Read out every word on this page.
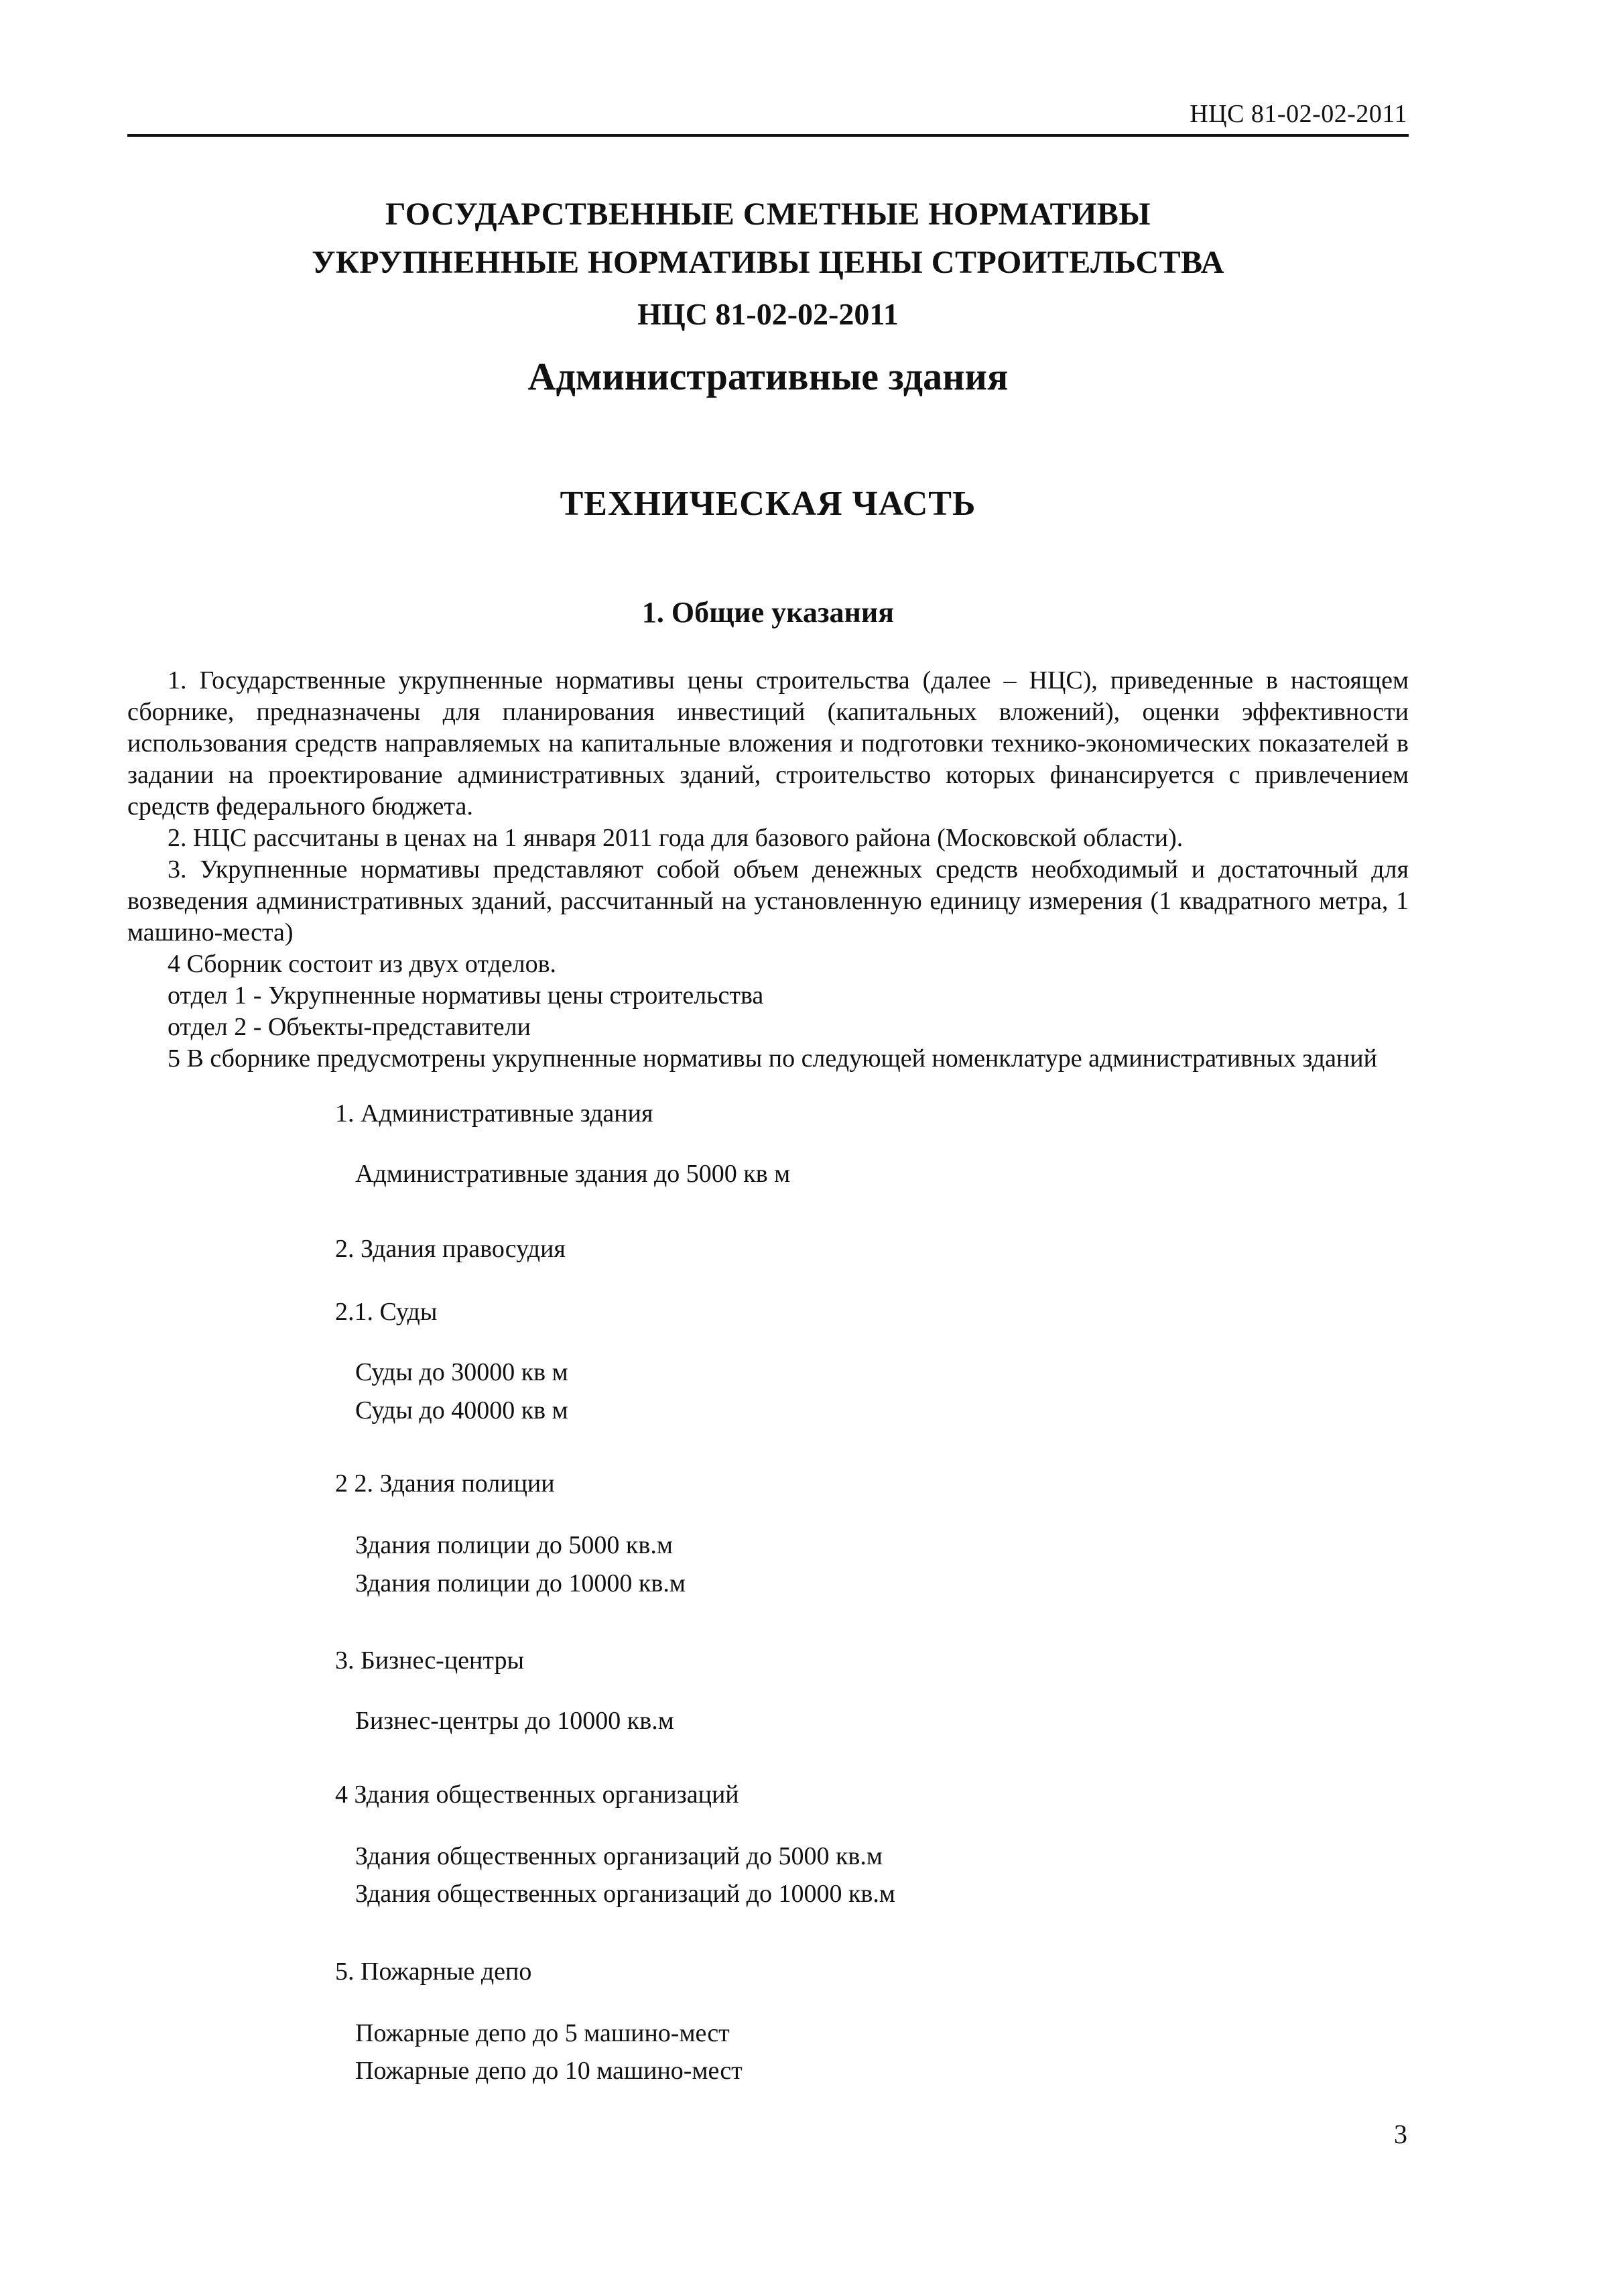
НЦС 81-02-02-2011
ГОСУДАРСТВЕННЫЕ СМЕТНЫЕ НОРМАТИВЫ
УКРУПНЕННЫЕ НОРМАТИВЫ ЦЕНЫ СТРОИТЕЛЬСТВА
НЦС 81-02-02-2011
Административные здания
ТЕХНИЧЕСКАЯ ЧАСТЬ
1. Общие указания

1. Государственные укрупненные нормативы цены строительства (далее – НЦС), приведенные в настоящем сборнике, предназначены для планирования инвестиций (капитальных вложений), оценки эффективности использования средств направляемых на капитальные вложения и подготовки технико-экономических показателей в задании на проектирование административных зданий, строительство которых финансируется с привлечением средств федерального бюджета.

2. НЦС рассчитаны в ценах на 1 января 2011 года для базового района (Московской области).

3. Укрупненные нормативы представляют собой объем денежных средств необходимый и достаточный для возведения административных зданий, рассчитанный на установленную единицу измерения (1 квадратного метра, 1 машино-места)

4 Сборник состоит из двух отделов.

отдел 1 - Укрупненные нормативы цены строительства

отдел 2 - Объекты-представители

5 В сборнике предусмотрены укрупненные нормативы по следующей номенклатуре административных зданий

1. Административные здания
Административные здания до 5000 кв м
2. Здания правосудия
2.1. Суды
Суды до 30000 кв м
Суды до 40000 кв м
2 2. Здания полиции
Здания полиции до 5000 кв.м
Здания полиции до 10000 кв.м
3. Бизнес-центры
Бизнес-центры до 10000 кв.м
4 Здания общественных организаций
Здания общественных организаций до 5000 кв.м
Здания общественных организаций до 10000 кв.м
5. Пожарные депо
Пожарные депо до 5 машино-мест
Пожарные депо до 10 машино-мест
3
